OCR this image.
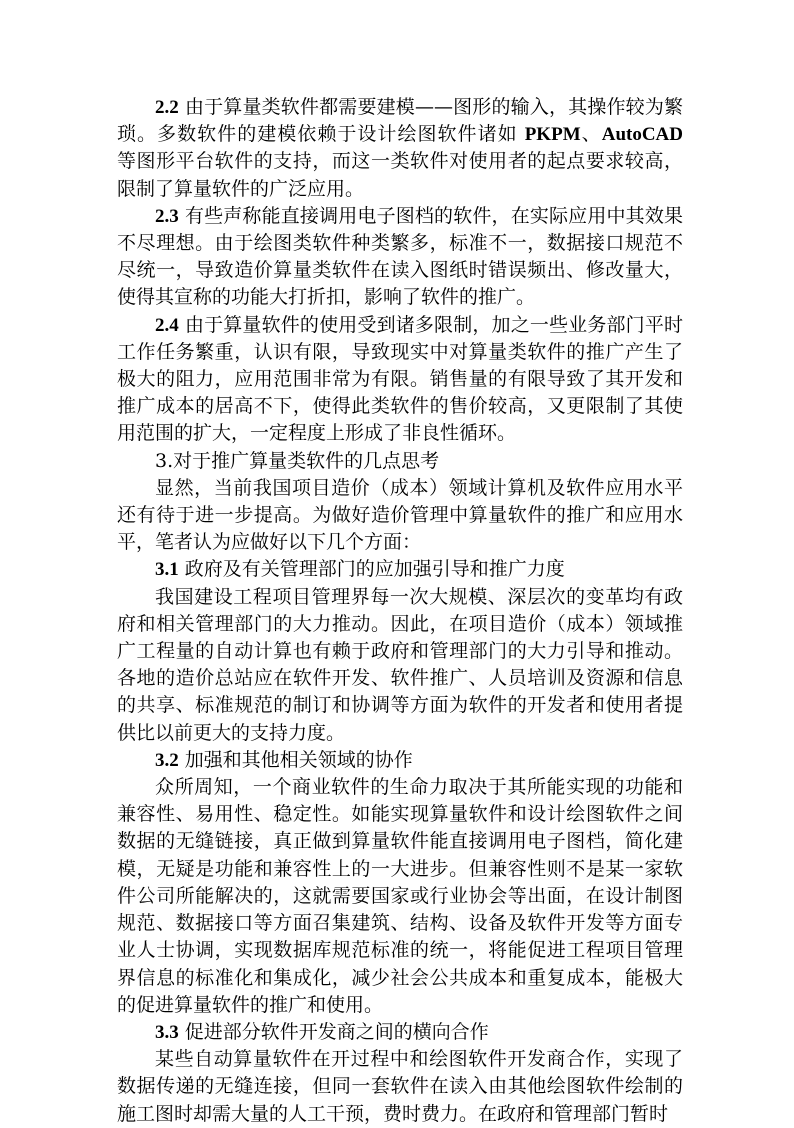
2.2 由于算量类软件都需要建模——图形的输入，其操作较为繁琐。多数软件的建模依赖于设计绘图软件诸如 PKPM、AutoCAD 等图形平台软件的支持，而这一类软件对使用者的起点要求较高，限制了算量软件的广泛应用。

2.3 有些声称能直接调用电子图档的软件，在实际应用中其效果不尽理想。由于绘图类软件种类繁多，标准不一，数据接口规范不尽统一，导致造价算量类软件在读入图纸时错误频出、修改量大，使得其宣称的功能大打折扣，影响了软件的推广。

2.4 由于算量软件的使用受到诸多限制，加之一些业务部门平时工作任务繁重，认识有限，导致现实中对算量类软件的推广产生了极大的阻力，应用范围非常为有限。销售量的有限导致了其开发和推广成本的居高不下，使得此类软件的售价较高，又更限制了其使用范围的扩大，一定程度上形成了非良性循环。

3.对于推广算量类软件的几点思考

显然，当前我国项目造价（成本）领域计算机及软件应用水平还有待于进一步提高。为做好造价管理中算量软件的推广和应用水平，笔者认为应做好以下几个方面：

3.1 政府及有关管理部门的应加强引导和推广力度

我国建设工程项目管理界每一次大规模、深层次的变革均有政府和相关管理部门的大力推动。因此，在项目造价（成本）领域推广工程量的自动计算也有赖于政府和管理部门的大力引导和推动。各地的造价总站应在软件开发、软件推广、人员培训及资源和信息的共享、标准规范的制订和协调等方面为软件的开发者和使用者提供比以前更大的支持力度。

3.2 加强和其他相关领域的协作

众所周知，一个商业软件的生命力取决于其所能实现的功能和兼容性、易用性、稳定性。如能实现算量软件和设计绘图软件之间数据的无缝链接，真正做到算量软件能直接调用电子图档，简化建模，无疑是功能和兼容性上的一大进步。但兼容性则不是某一家软件公司所能解决的，这就需要国家或行业协会等出面，在设计制图规范、数据接口等方面召集建筑、结构、设备及软件开发等方面专业人士协调，实现数据库规范标准的统一，将能促进工程项目管理界信息的标准化和集成化，减少社会公共成本和重复成本，能极大的促进算量软件的推广和使用。

3.3 促进部分软件开发商之间的横向合作

某些自动算量软件在开过程中和绘图软件开发商合作，实现了数据传递的无缝连接，但同一套软件在读入由其他绘图软件绘制的施工图时却需大量的人工干预，费时费力。在政府和管理部门暂时
